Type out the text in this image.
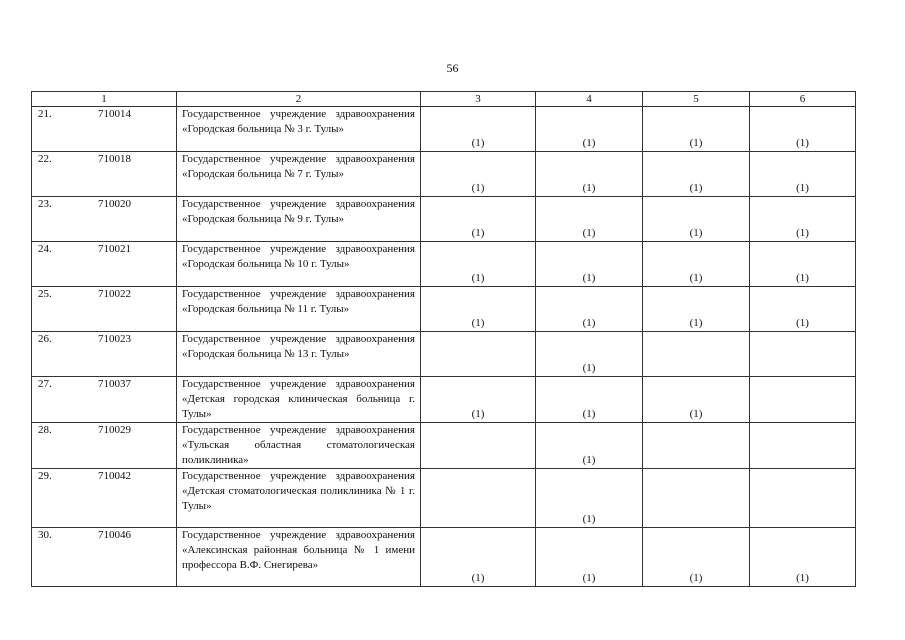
56
1	2	3	4	5	6
21. 710014	Государственное учреждение здравоохранения «Городская больница № 3 г. Тулы»	(1)	(1)	(1)	(1)
22. 710018	Государственное учреждение здравоохранения «Городская больница № 7 г. Тулы»	(1)	(1)	(1)	(1)
23. 710020	Государственное учреждение здравоохранения «Городская больница № 9 г. Тулы»	(1)	(1)	(1)	(1)
24. 710021	Государственное учреждение здравоохранения «Городская больница № 10 г. Тулы»	(1)	(1)	(1)	(1)
25. 710022	Государственное учреждение здравоохранения «Городская больница № 11 г. Тулы»	(1)	(1)	(1)	(1)
26. 710023	Государственное учреждение здравоохранения «Городская больница № 13 г. Тулы»		(1)		
27. 710037	Государственное учреждение здравоохранения «Детская городская клиническая больница г. Тулы»	(1)	(1)	(1)	
28. 710029	Государственное учреждение здравоохранения «Тульская областная стоматологическая поликлиника»		(1)		
29. 710042	Государственное учреждение здравоохранения «Детская стоматологическая поликлиника № 1 г. Тулы»		(1)		
30. 710046	Государственное учреждение здравоохранения «Алексинская районная больница № 1 имени профессора В.Ф. Снегирева»	(1)	(1)	(1)	(1)
